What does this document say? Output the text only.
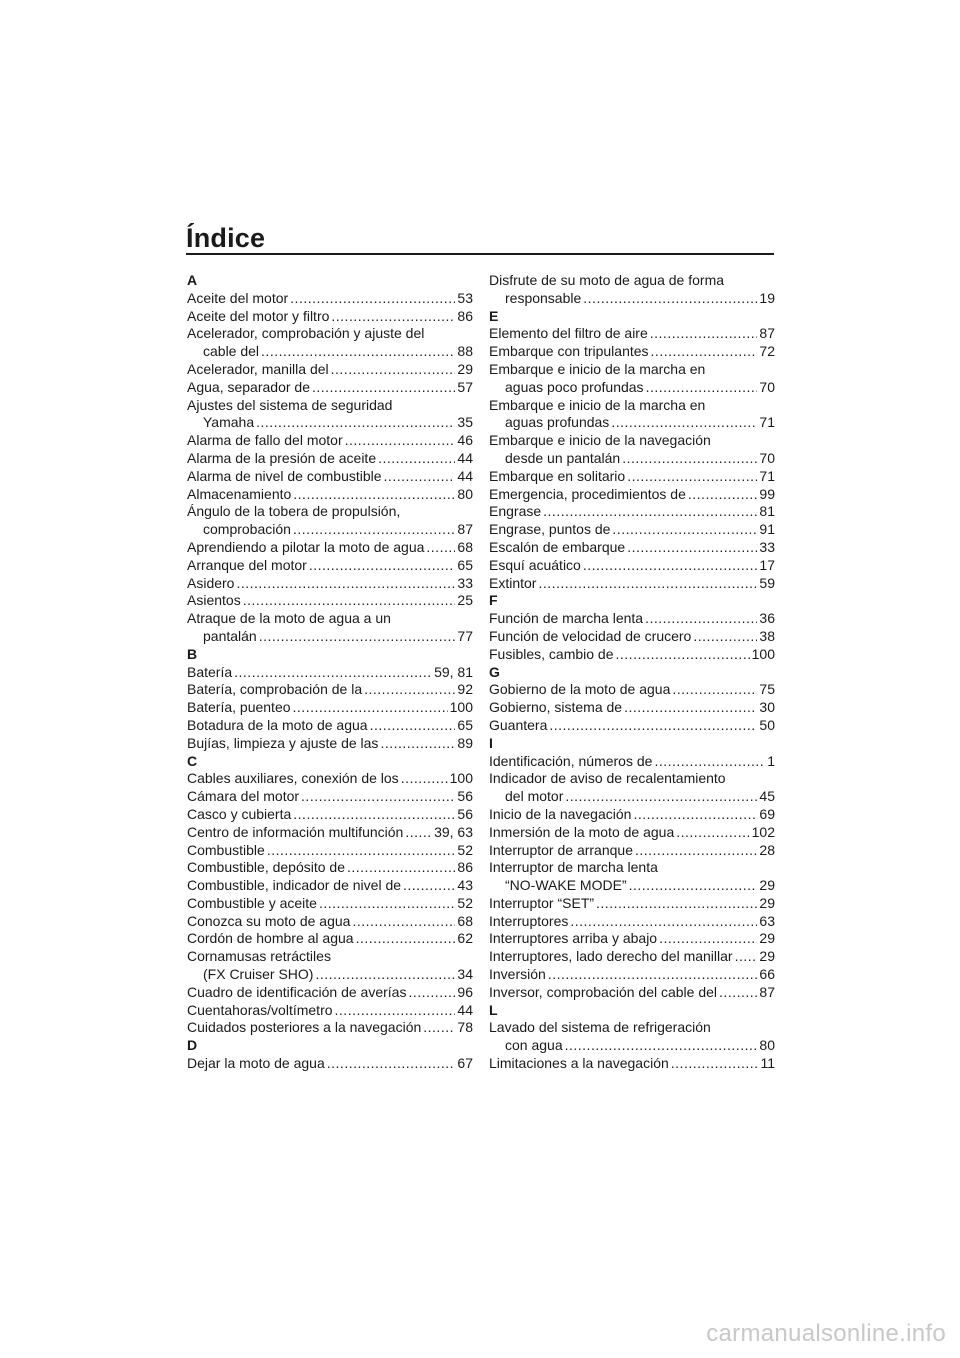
Índice
A
Aceite del motor .....	53
Aceite del motor y filtro .....	86
Acelerador, comprobación y ajuste del
cable del .....	88
Acelerador, manilla del .....	29
Agua, separador de .....	57
Ajustes del sistema de seguridad
Yamaha .....	35
Alarma de fallo del motor .....	46
Alarma de la presión de aceite .....	44
Alarma de nivel de combustible .....	44
Almacenamiento .....	80
Ángulo de la tobera de propulsión,
comprobación .....	87
Aprendiendo a pilotar la moto de agua ..... 68
Arranque del motor .....	65
Asidero .....	33
Asientos .....	25
Atraque de la moto de agua a un
pantalán .....	77
B
Batería .....	59, 81
Batería, comprobación de la .....	92
Batería, puenteo .....	100
Botadura de la moto de agua .....	65
Bujías, limpieza y ajuste de las .....	89
C
Cables auxiliares, conexión de los .....	100
Cámara del motor .....	56
Casco y cubierta .....	56
Centro de información multifunción ..... 39, 63
Combustible .....	52
Combustible, depósito de .....	86
Combustible, indicador de nivel de .....	43
Combustible y aceite .....	52
Conozca su moto de agua .....	68
Cordón de hombre al agua .....	62
Cornamusas retráctiles
(FX Cruiser SHO) .....	34
Cuadro de identificación de averías .....	96
Cuentahoras/voltímetro .....	44
Cuidados posteriores a la navegación .....	78
D
Dejar la moto de agua .....	67
Disfrute de su moto de agua de forma
responsable .....	19
E
Elemento del filtro de aire .....	87
Embarque con tripulantes .....	72
Embarque e inicio de la marcha en
aguas poco profundas .....	70
Embarque e inicio de la marcha en
aguas profundas .....	71
Embarque e inicio de la navegación
desde un pantalán .....	70
Embarque en solitario .....	71
Emergencia, procedimientos de .....	99
Engrase .....	81
Engrase, puntos de .....	91
Escalón de embarque .....	33
Esquí acuático .....	17
Extintor .....	59
F
Función de marcha lenta .....	36
Función de velocidad de crucero .....	38
Fusibles, cambio de .....	100
G
Gobierno de la moto de agua .....	75
Gobierno, sistema de .....	30
Guantera .....	50
I
Identificación, números de .....	1
Indicador de aviso de recalentamiento
del motor .....	45
Inicio de la navegación .....	69
Inmersión de la moto de agua .....	102
Interruptor de arranque .....	28
Interruptor de marcha lenta
“NO-WAKE MODE” .....	29
Interruptor “SET” .....	29
Interruptores .....	63
Interruptores arriba y abajo .....	29
Interruptores, lado derecho del manillar ..... 29
Inversión .....	66
Inversor, comprobación del cable del .....	87
L
Lavado del sistema de refrigeración
con agua .....	80
Limitaciones a la navegación .....	11
carmanualsonline.info
